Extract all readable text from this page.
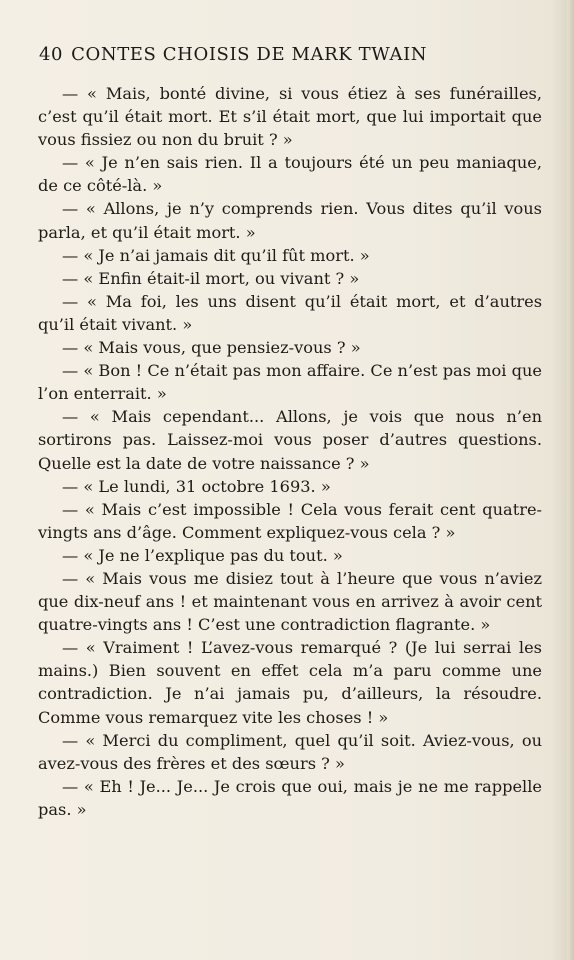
40 CONTES CHOISIS DE MARK TWAIN

— « Mais, bonté divine, si vous étiez à ses funérailles, c’est qu’il était mort. Et s’il était mort, que lui importait que vous fissiez ou non du bruit ? »

— « Je n’en sais rien. Il a toujours été un peu maniaque, de ce côté-là. »

— « Allons, je n’y comprends rien. Vous dites qu’il vous parla, et qu’il était mort. »

— « Je n’ai jamais dit qu’il fût mort. »

— « Enfin était-il mort, ou vivant ? »

— « Ma foi, les uns disent qu’il était mort, et d’autres qu’il était vivant. »

— « Mais vous, que pensiez-vous ? »

— « Bon ! Ce n’était pas mon affaire. Ce n’est pas moi que l’on enterrait. »

— « Mais cependant... Allons, je vois que nous n’en sortirons pas. Laissez-moi vous poser d’autres questions. Quelle est la date de votre naissance ? »

— « Le lundi, 31 octobre 1693. »

— « Mais c’est impossible ! Cela vous ferait cent quatre-vingts ans d’âge. Comment expliquez-vous cela ? »

— « Je ne l’explique pas du tout. »

— « Mais vous me disiez tout à l’heure que vous n’aviez que dix-neuf ans ! et maintenant vous en arrivez à avoir cent quatre-vingts ans ! C’est une contradiction flagrante. »

— « Vraiment ! L’avez-vous remarqué ? (Je lui serrai les mains.) Bien souvent en effet cela m’a paru comme une contradiction. Je n’ai jamais pu, d’ailleurs, la résoudre. Comme vous remarquez vite les choses ! »

— « Merci du compliment, quel qu’il soit. Aviez-vous, ou avez-vous des frères et des sœurs ? »

— « Eh ! Je... Je... Je crois que oui, mais je ne me rappelle pas. »
